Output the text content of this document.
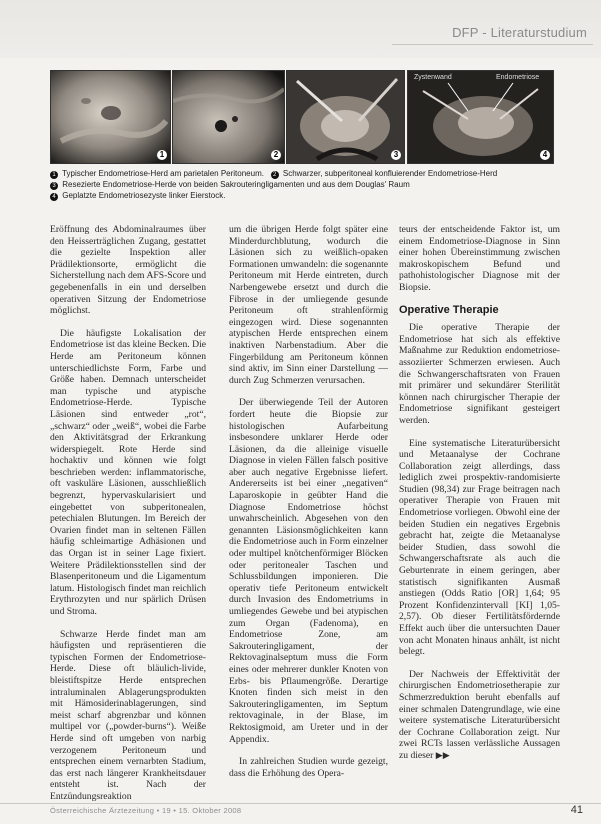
DFP - Literaturstudium
1	2	3
Zystenwand	Endometriose
4
1 Typischer Endometriose-Herd am parietalen Peritoneum. 2 Schwarzer, subperitoneal konfluierender Endometriose-Herd
3 Resezierte Endometriose-Herde von beiden Sakrouteringligamenten und aus dem Douglas' Raum
4 Geplatzte Endometriosezyste linker Eierstock.

Eröffnung des Abdominalraumes über den Heisserträglichen Zugang, gestattet die gezielte Inspektion aller Prädilektionsorte, ermöglicht die Sicherstellung nach dem AFS-Score und gegebenenfalls in ein und derselben operativen Sitzung der Endometriose möglichst.

Die häufigste Lokalisation der Endometriose ist das kleine Becken. Die Herde am Peritoneum können unterschiedlichste Form, Farbe und Größe haben. Demnach unterscheidet man typische und atypische Endometriose-Herde. Typische Läsionen sind entweder „rot“, „schwarz“ oder „weiß“, wobei die Farbe den Aktivitätsgrad der Erkrankung widerspiegelt. Rote Herde sind hochaktiv und können wie folgt beschrieben werden: inflammatorische, oft vaskuläre Läsionen, ausschließlich begrenzt, hypervaskularisiert und eingebettet von subperitonealen, petechialen Blutungen. Im Bereich der Ovarien findet man in seltenen Fällen häufig schleimartige Adhäsionen und das Organ ist in seiner Lage fixiert. Weitere Prädilektionsstellen sind der Blasenperitoneum und die Ligamentum latum. Histologisch findet man reichlich Erythrozyten und nur spärlich Drüsen und Stroma.

Schwarze Herde findet man am häufigsten und repräsentieren die typischen Formen der Endometriose-Herde. Diese oft bläulich-livide, bleistiftspitze Herde entsprechen intraluminalen Ablagerungsprodukten mit Hämosiderinablagerungen, sind meist scharf abgrenzbar und können multipel vor („powder-burns“). Weiße Herde sind oft umgeben von narbig verzogenem Peritoneum und entsprechen einem vernarbten Stadium, das erst nach längerer Krankheitsdauer entsteht ist. Nach der Entzündungsreaktion

um die übrigen Herde folgt später eine Minderdurchblutung, wodurch die Läsionen sich zu weißlich-opaken Formationen umwandeln: die sogenannte Peritoneum mit Herde eintreten, durch Narbengewebe ersetzt und durch die Fibrose in der umliegende gesunde Peritoneum oft strahlenförmig eingezogen wird. Diese sogenannten atypischen Herde entsprechen einem inaktiven Narbenstadium. Aber die Fingerbildung am Peritoneum können sind aktiv, im Sinn einer Darstellung — durch Zug Schmerzen verursachen.

Der überwiegende Teil der Autoren fordert heute die Biopsie zur histologischen Aufarbeitung insbesondere unklarer Herde oder Läsionen, da die alleinige visuelle Diagnose in vielen Fällen falsch positive aber auch negative Ergebnisse liefert. Andererseits ist bei einer „negativen“ Laparoskopie in geübter Hand die Diagnose Endometriose höchst unwahrscheinlich. Abgesehen von den genannten Läsionsmöglichkeiten kann die Endometriose auch in Form einzelner oder multipel knötchenförmiger Blöcken oder peritonealer Taschen und Schlussbildungen imponieren. Die operativ tiefe Peritoneum entwickelt durch Invasion des Endometriums in umliegendes Gewebe und bei atypischen zum Organ (Fadenoma), en Endometriose Zone, am Sakrouteringligament, der Rektovaginalseptum muss die Form eines oder mehrerer dunkler Knoten von Erbs- bis Pflaumengröße. Derartige Knoten finden sich meist in den Sakrouteringligamenten, im Septum rektovaginale, in der Blase, im Rektosigmoid, am Ureter und in der Appendix.

In zahlreichen Studien wurde gezeigt, dass die Erhöhung des Opera-

teurs der entscheidende Faktor ist, um einem Endometriose-Diagnose in Sinn einer hohen Übereinstimmung zwischen makroskopischem Befund und pathohistologischer Diagnose mit der Biopsie.

Operative Therapie

Die operative Therapie der Endometriose hat sich als effektive Maßnahme zur Reduktion endometriose-assoziierter Schmerzen erwiesen. Auch die Schwangerschaftsraten von Frauen mit primärer und sekundärer Sterilität können nach chirurgischer Therapie der Endometriose signifikant gesteigert werden.

Eine systematische Literaturübersicht und Metaanalyse der Cochrane Collaboration zeigt allerdings, dass lediglich zwei prospektiv-randomisierte Studien (98,34) zur Frage beitragen nach operativer Therapie von Frauen mit Endometriose vorliegen. Obwohl eine der beiden Studien ein negatives Ergebnis gebracht hat, zeigte die Metaanalyse beider Studien, dass sowohl die Schwangerschaftsrate als auch die Geburtenrate in einem geringen, aber statistisch signifikanten Ausmaß anstiegen (Odds Ratio [OR] 1,64; 95 Prozent Konfidenzintervall [KI] 1,05-2,57). Ob dieser Fertilitätsfördernde Effekt auch über die untersuchten Dauer von acht Monaten hinaus anhält, ist nicht belegt.

Der Nachweis der Effektivität der chirurgischen Endometriosetherapie zur Schmerzreduktion beruht ebenfalls auf einer schmalen Datengrundlage, wie eine weitere systematische Literaturübersicht der Cochrane Collaboration zeigt. Nur zwei RCTs lassen verlässliche Aussagen zu dieser ▶▶

Österreichische Ärztezeitung • 19 • 15. Oktober 2008	41
